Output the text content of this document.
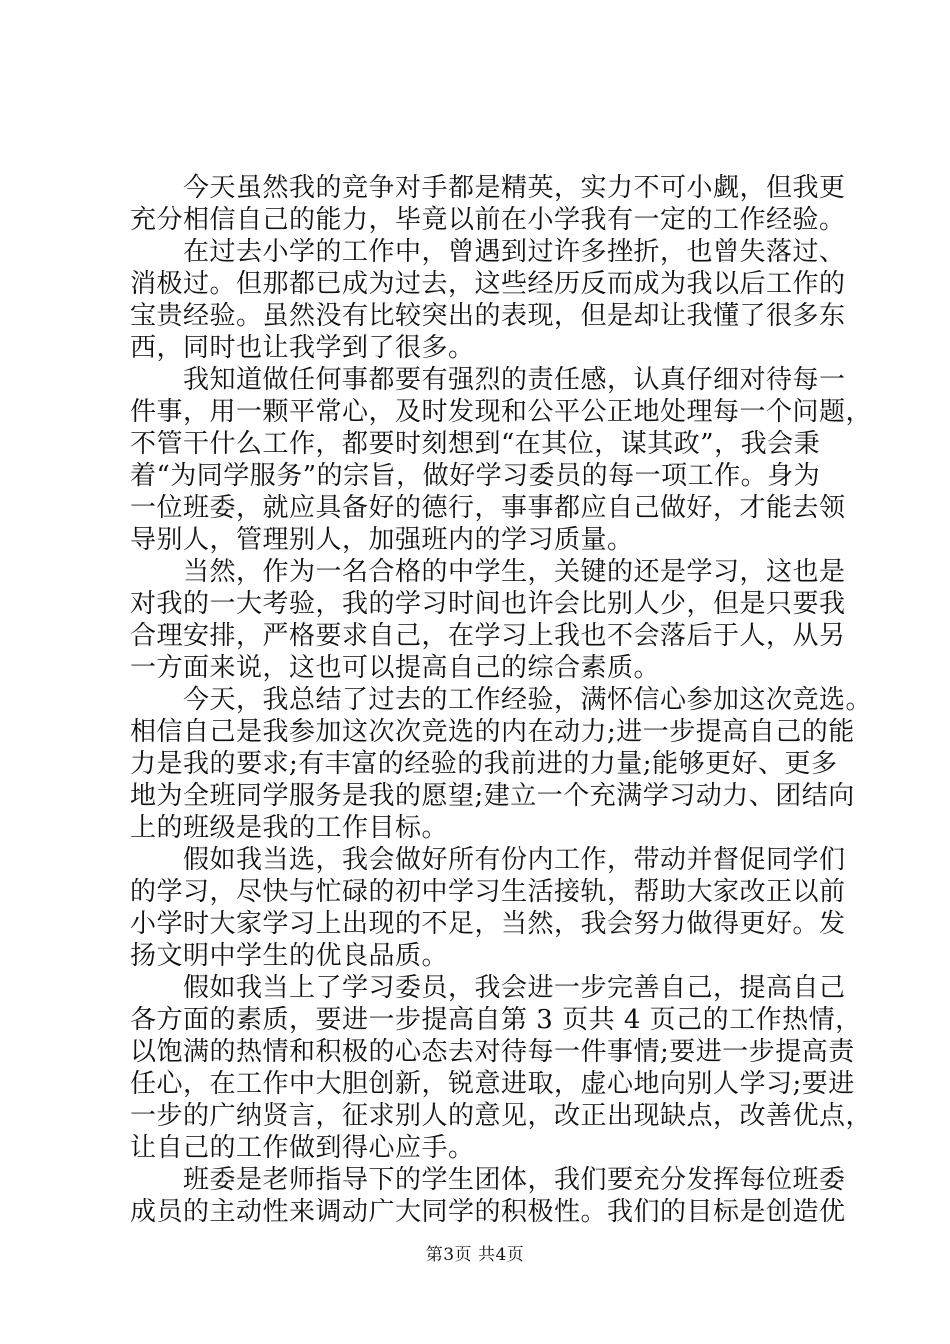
　　今天虽然我的竞争对手都是精英，实力不可小觑，但我更
充分相信自己的能力，毕竟以前在小学我有一定的工作经验。
　　在过去小学的工作中，曾遇到过许多挫折，也曾失落过、
消极过。但那都已成为过去，这些经历反而成为我以后工作的
宝贵经验。虽然没有比较突出的表现，但是却让我懂了很多东
西，同时也让我学到了很多。
　　我知道做任何事都要有强烈的责任感，认真仔细对待每一
件事，用一颗平常心，及时发现和公平公正地处理每一个问题，
不管干什么工作，都要时刻想到“在其位，谋其政”，我会秉
着“为同学服务”的宗旨，做好学习委员的每一项工作。身为
一位班委，就应具备好的德行，事事都应自己做好，才能去领
导别人，管理别人，加强班内的学习质量。
　　当然，作为一名合格的中学生，关键的还是学习，这也是
对我的一大考验，我的学习时间也许会比别人少，但是只要我
合理安排，严格要求自己，在学习上我也不会落后于人，从另
一方面来说，这也可以提高自己的综合素质。
　　今天，我总结了过去的工作经验，满怀信心参加这次竞选。
相信自己是我参加这次次竞选的内在动力;进一步提高自己的能
力是我的要求;有丰富的经验的我前进的力量;能够更好、更多
地为全班同学服务是我的愿望;建立一个充满学习动力、团结向
上的班级是我的工作目标。
　　假如我当选，我会做好所有份内工作，带动并督促同学们
的学习，尽快与忙碌的初中学习生活接轨，帮助大家改正以前
小学时大家学习上出现的不足，当然，我会努力做得更好。发
扬文明中学生的优良品质。
　　假如我当上了学习委员，我会进一步完善自己，提高自己
各方面的素质，要进一步提高自第 3 页共 4 页己的工作热情，
以饱满的热情和积极的心态去对待每一件事情;要进一步提高责
任心，在工作中大胆创新，锐意进取，虚心地向别人学习;要进
一步的广纳贤言，征求别人的意见，改正出现缺点，改善优点，
让自己的工作做到得心应手。
　　班委是老师指导下的学生团体，我们要充分发挥每位班委
成员的主动性来调动广大同学的积极性。我们的目标是创造优
第3页 共4页
